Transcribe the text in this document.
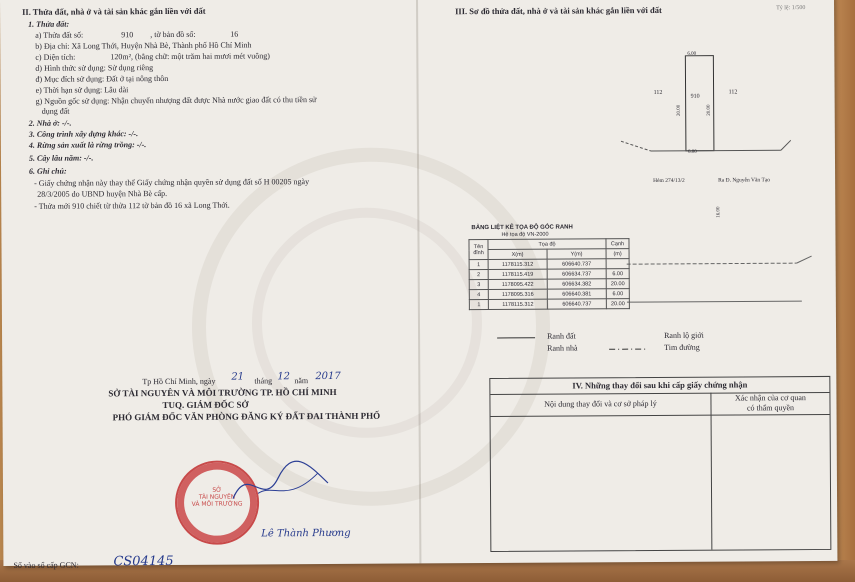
II. Thửa đất, nhà ở và tài sản khác gắn liền với đất
1. Thửa đất:
a) Thửa đất số:	910 , tờ bản đồ số:	16
b) Địa chỉ: Xã Long Thới, Huyện Nhà Bè, Thành phố Hồ Chí Minh
c) Diện tích:	120m², (bằng chữ: một trăm hai mươi mét vuông)
d) Hình thức sử dụng: Sử dụng riêng
đ) Mục đích sử dụng: Đất ở tại nông thôn
e) Thời hạn sử dụng: Lâu dài
g) Nguồn gốc sử dụng: Nhận chuyển nhượng đất được Nhà nước giao đất có thu tiền sử
dụng đất
2. Nhà ở: -/-.
3. Công trình xây dựng khác: -/-.
4. Rừng sản xuất là rừng trồng: -/-.
5. Cây lâu năm: -/-.
6. Ghi chú:
- Giấy chứng nhận này thay thế Giấy chứng nhận quyền sử dụng đất số H 00205 ngày
28/3/2005 do UBND huyện Nhà Bè cấp.
- Thửa mới 910 chiết từ thửa 112 tờ bản đồ 16 xã Long Thới.
Tp Hồ Chí Minh, ngày 21 tháng 12 năm 2017
SỞ TÀI NGUYÊN VÀ MÔI TRƯỜNG TP. HỒ CHÍ MINH
TUQ. GIÁM ĐỐC SỞ
PHÓ GIÁM ĐỐC VĂN PHÒNG ĐĂNG KÝ ĐẤT ĐAI THÀNH PHỐ
SỞ
TÀI NGUYÊN
VÀ MÔI TRƯỜNG
Lê Thành Phương
Số vào sổ cấp GCN:	CS04145
III. Sơ đồ thửa đất, nhà ở và tài sản khác gắn liền với đất	Tỷ lệ: 1/500
6.00
6.00
20.00	20.00
910
112	112
Hẻm 274/13/2	Ra Đ. Nguyễn Văn Tạo
16.00
BẢNG LIỆT KÊ TỌA ĐỘ GÓC RANH
Hệ tọa độ VN-2000
Tên đỉnh	Tọa độ		Cạnh
	X(m)	Y(m)	(m)
1	1178115.312	606640.737	
2	1178115.419	606634.737	6.00
3	1178095.422	606634.382	20.00
4	1178095.316	606640.381	6.00
1	1178115.312	606640.737	20.00
Ranh đất	Ranh lộ giới
Ranh nhà	Tim đường
IV. Những thay đổi sau khi cấp giấy chứng nhận
Nội dung thay đổi và cơ sở pháp lý
Xác nhận của cơ quan
có thẩm quyền
